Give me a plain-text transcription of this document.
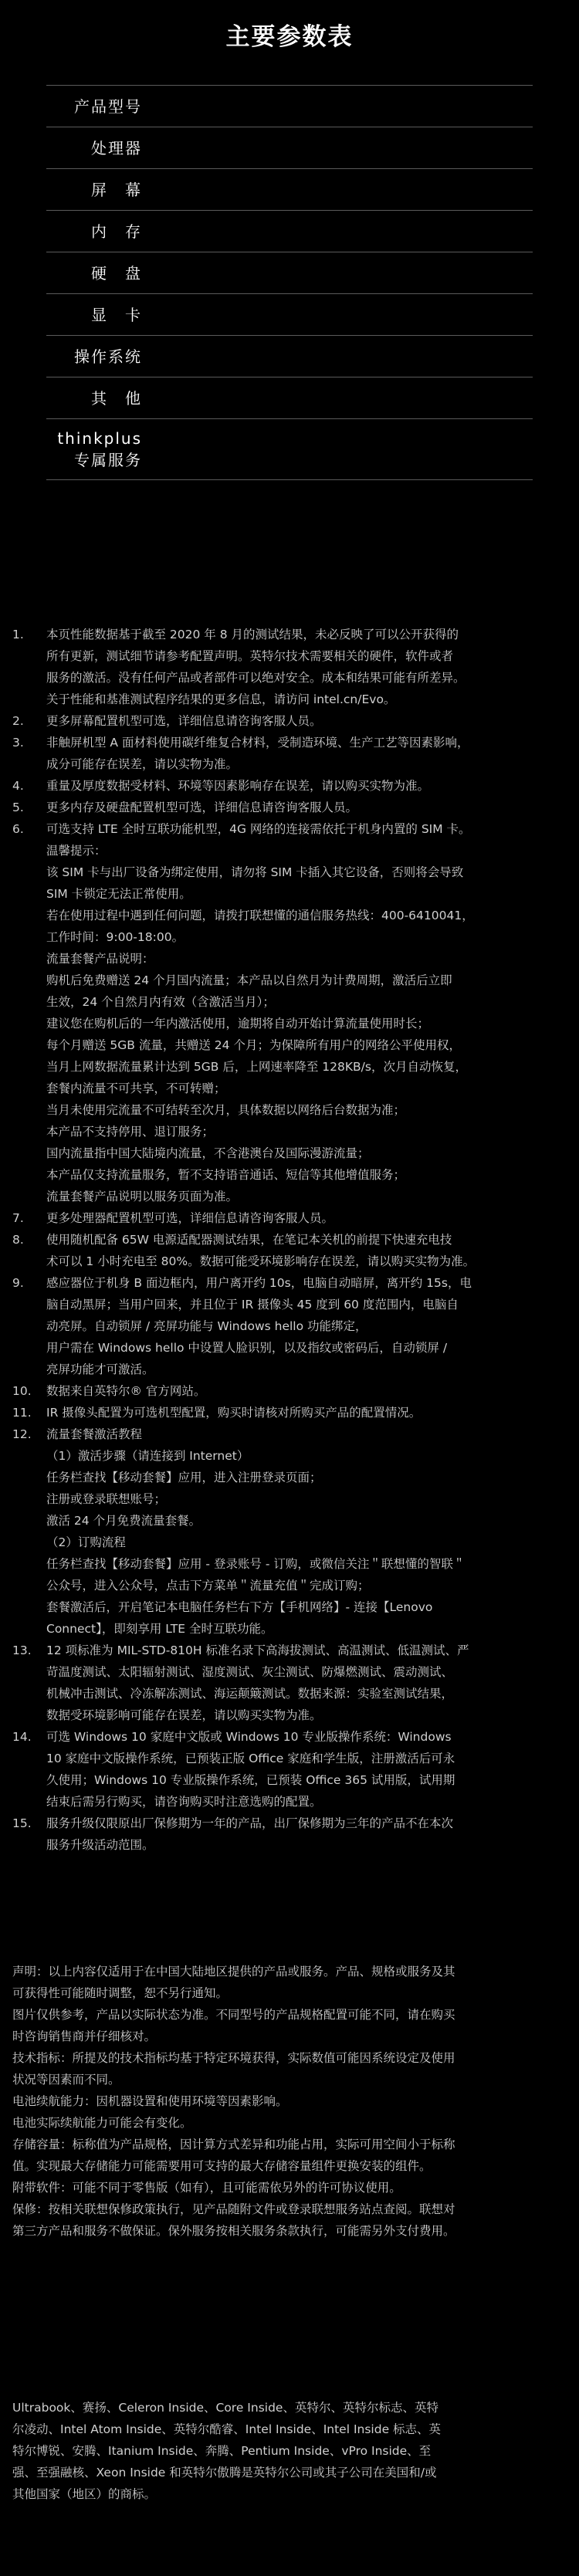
主要参数表
产品型号
处理器
屏　幕
内　存
硬　盘
显　卡
操作系统
其　他
thinkplus
专属服务
1.	本页性能数据基于截至 2020 年 8 月的测试结果，未必反映了可以公开获得的
所有更新，测试细节请参考配置声明。英特尔技术需要相关的硬件，软件或者
服务的激活。没有任何产品或者部件可以绝对安全。成本和结果可能有所差异。
关于性能和基准测试程序结果的更多信息，请访问 intel.cn/Evo。
2.	更多屏幕配置机型可选，详细信息请咨询客服人员。
3.	非触屏机型 A 面材料使用碳纤维复合材料，受制造环境、生产工艺等因素影响，
成分可能存在误差，请以实物为准。
4.	重量及厚度数据受材料、环境等因素影响存在误差，请以购买实物为准。
5.	更多内存及硬盘配置机型可选，详细信息请咨询客服人员。
6.	可选支持 LTE 全时互联功能机型，4G 网络的连接需依托于机身内置的 SIM 卡。
温馨提示：
该 SIM 卡与出厂设备为绑定使用，请勿将 SIM 卡插入其它设备，否则将会导致
SIM 卡锁定无法正常使用。
若在使用过程中遇到任何问题，请拨打联想懂的通信服务热线：400-6410041，
工作时间：9:00-18:00。
流量套餐产品说明：
购机后免费赠送 24 个月国内流量；本产品以自然月为计费周期，激活后立即
生效，24 个自然月内有效（含激活当月）；
建议您在购机后的一年内激活使用，逾期将自动开始计算流量使用时长；
每个月赠送 5GB 流量，共赠送 24 个月；为保障所有用户的网络公平使用权，
当月上网数据流量累计达到 5GB 后，上网速率降至 128KB/s，次月自动恢复，
套餐内流量不可共享，不可转赠；
当月未使用完流量不可结转至次月，具体数据以网络后台数据为准；
本产品不支持停用、退订服务；
国内流量指中国大陆境内流量，不含港澳台及国际漫游流量；
本产品仅支持流量服务，暂不支持语音通话、短信等其他增值服务；
流量套餐产品说明以服务页面为准。
7.	更多处理器配置机型可选，详细信息请咨询客服人员。
8.	使用随机配备 65W 电源适配器测试结果，在笔记本关机的前提下快速充电技
术可以 1 小时充电至 80%。数据可能受环境影响存在误差，请以购买实物为准。
9.	感应器位于机身 B 面边框内，用户离开约 10s，电脑自动暗屏，离开约 15s，电
脑自动黑屏；当用户回来，并且位于 IR 摄像头 45 度到 60 度范围内，电脑自
动亮屏。自动锁屏 / 亮屏功能与 Windows hello 功能绑定，
用户需在 Windows hello 中设置人脸识别，以及指纹或密码后，自动锁屏 /
亮屏功能才可激活。
10.	数据来自英特尔® 官方网站。
11.	IR 摄像头配置为可选机型配置，购买时请核对所购买产品的配置情况。
12.	流量套餐激活教程
（1）激活步骤（请连接到 Internet）
任务栏查找【移动套餐】应用，进入注册登录页面；
注册或登录联想账号；
激活 24 个月免费流量套餐。
（2）订购流程
任务栏查找【移动套餐】应用 - 登录账号 - 订购，或微信关注＂联想懂的智联＂
公众号，进入公众号，点击下方菜单＂流量充值＂完成订购；
套餐激活后，开启笔记本电脑任务栏右下方【手机网络】- 连接【Lenovo
Connect】，即刻享用 LTE 全时互联功能。
13.	12 项标准为 MIL-STD-810H 标准名录下高海拔测试、高温测试、低温测试、严
苛温度测试、太阳辐射测试、湿度测试、灰尘测试、防爆燃测试、震动测试、
机械冲击测试、冷冻解冻测试、海运颠簸测试。数据来源：实验室测试结果，
数据受环境影响可能存在误差，请以购买实物为准。
14.	可选 Windows 10 家庭中文版或 Windows 10 专业版操作系统：Windows
10 家庭中文版操作系统，已预装正版 Office 家庭和学生版，注册激活后可永
久使用；Windows 10 专业版操作系统，已预装 Office 365 试用版，试用期
结束后需另行购买，请咨询购买时注意选购的配置。
15.	服务升级仅限原出厂保修期为一年的产品，出厂保修期为三年的产品不在本次
服务升级活动范围。
声明：以上内容仅适用于在中国大陆地区提供的产品或服务。产品、规格或服务及其
可获得性可能随时调整，恕不另行通知。
图片仅供参考，产品以实际状态为准。不同型号的产品规格配置可能不同，请在购买
时咨询销售商并仔细核对。
技术指标：所提及的技术指标均基于特定环境获得，实际数值可能因系统设定及使用
状况等因素而不同。
电池续航能力：因机器设置和使用环境等因素影响。
电池实际续航能力可能会有变化。
存储容量：标称值为产品规格，因计算方式差异和功能占用，实际可用空间小于标称
值。实现最大存储能力可能需要用可支持的最大存储容量组件更换安装的组件。
附带软件：可能不同于零售版（如有），且可能需依另外的许可协议使用。
保修：按相关联想保修政策执行，见产品随附文件或登录联想服务站点查阅。联想对
第三方产品和服务不做保证。保外服务按相关服务条款执行，可能需另外支付费用。
Ultrabook、赛扬、Celeron Inside、Core Inside、英特尔、英特尔标志、英特
尔凌动、Intel Atom Inside、英特尔酷睿、Intel Inside、Intel Inside 标志、英
特尔博锐、安腾、Itanium Inside、奔腾、Pentium Inside、vPro Inside、至
强、至强融核、Xeon Inside 和英特尔傲腾是英特尔公司或其子公司在美国和/或
其他国家（地区）的商标。
